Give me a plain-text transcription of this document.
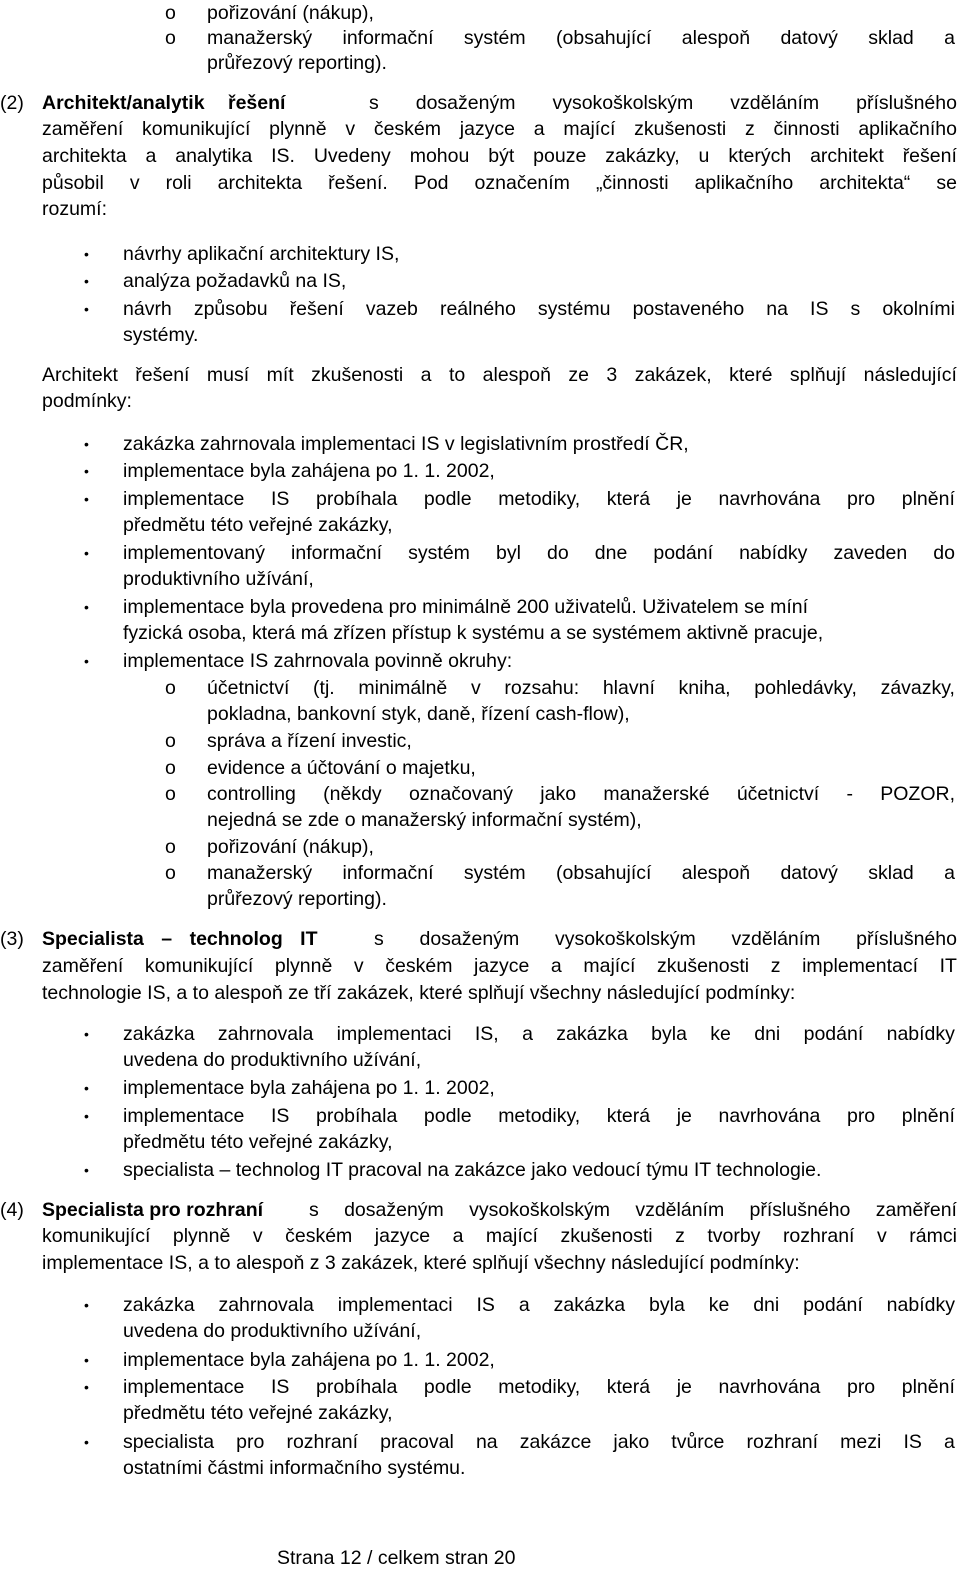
o pořizování (nákup),
o manažerský informační systém (obsahující alespoň datový sklad a
průřezový reporting).
(2) Architekt/analytik řešení	s dosaženým vysokoškolským vzděláním příslušného
zaměření komunikující plynně v českém jazyce a mající zkušenosti z činnosti aplikačního
architekta a analytika IS. Uvedeny mohou být pouze zakázky, u kterých architekt řešení
působil v roli architekta řešení. Pod označením „činnosti aplikačního architekta“ se
rozumí:
• návrhy aplikační architektury IS,
• analýza požadavků na IS,
• návrh způsobu řešení vazeb reálného systému postaveného na IS s okolními
systémy.
Architekt řešení musí mít zkušenosti a to alespoň ze 3 zakázek, které splňují následující
podmínky:
• zakázka zahrnovala implementaci IS v legislativním prostředí ČR,
• implementace byla zahájena po 1. 1. 2002,
• implementace IS probíhala podle metodiky, která je navrhována pro plnění
předmětu této veřejné zakázky,
• implementovaný informační systém byl do dne podání nabídky zaveden do
produktivního užívání,
• implementace byla provedena pro minimálně 200 uživatelů. Uživatelem se míní
fyzická osoba, která má zřízen přístup k systému a se systémem aktivně pracuje,
• implementace IS zahrnovala povinně okruhy:
o účetnictví (tj. minimálně v rozsahu: hlavní kniha, pohledávky, závazky,
pokladna, bankovní styk, daně, řízení cash-flow),
o správa a řízení investic,
o evidence a účtování o majetku,
o controlling (někdy označovaný jako manažerské účetnictví - POZOR,
nejedná se zde o manažerský informační systém),
o pořizování (nákup),
o manažerský informační systém (obsahující alespoň datový sklad a
průřezový reporting).
(3) Specialista – technolog IT	s dosaženým vysokoškolským vzděláním příslušného
zaměření komunikující plynně v českém jazyce a mající zkušenosti z implementací IT
technologie IS, a to alespoň ze tří zakázek, které splňují všechny následující podmínky:
• zakázka zahrnovala implementaci IS, a zakázka byla ke dni podání nabídky
uvedena do produktivního užívání,
• implementace byla zahájena po 1. 1. 2002,
• implementace IS probíhala podle metodiky, která je navrhována pro plnění
předmětu této veřejné zakázky,
• specialista – technolog IT pracoval na zakázce jako vedoucí týmu IT technologie.
(4) Specialista pro rozhraní s dosaženým vysokoškolským vzděláním příslušného zaměření
komunikující plynně v českém jazyce a mající zkušenosti z tvorby rozhraní v rámci
implementace IS, a to alespoň z 3 zakázek, které splňují všechny následující podmínky:
• zakázka zahrnovala implementaci IS a zakázka byla ke dni podání nabídky
uvedena do produktivního užívání,
• implementace byla zahájena po 1. 1. 2002,
• implementace IS probíhala podle metodiky, která je navrhována pro plnění
předmětu této veřejné zakázky,
• specialista pro rozhraní pracoval na zakázce jako tvůrce rozhraní mezi IS a
ostatními částmi informačního systému.
Strana 12 / celkem stran 20
